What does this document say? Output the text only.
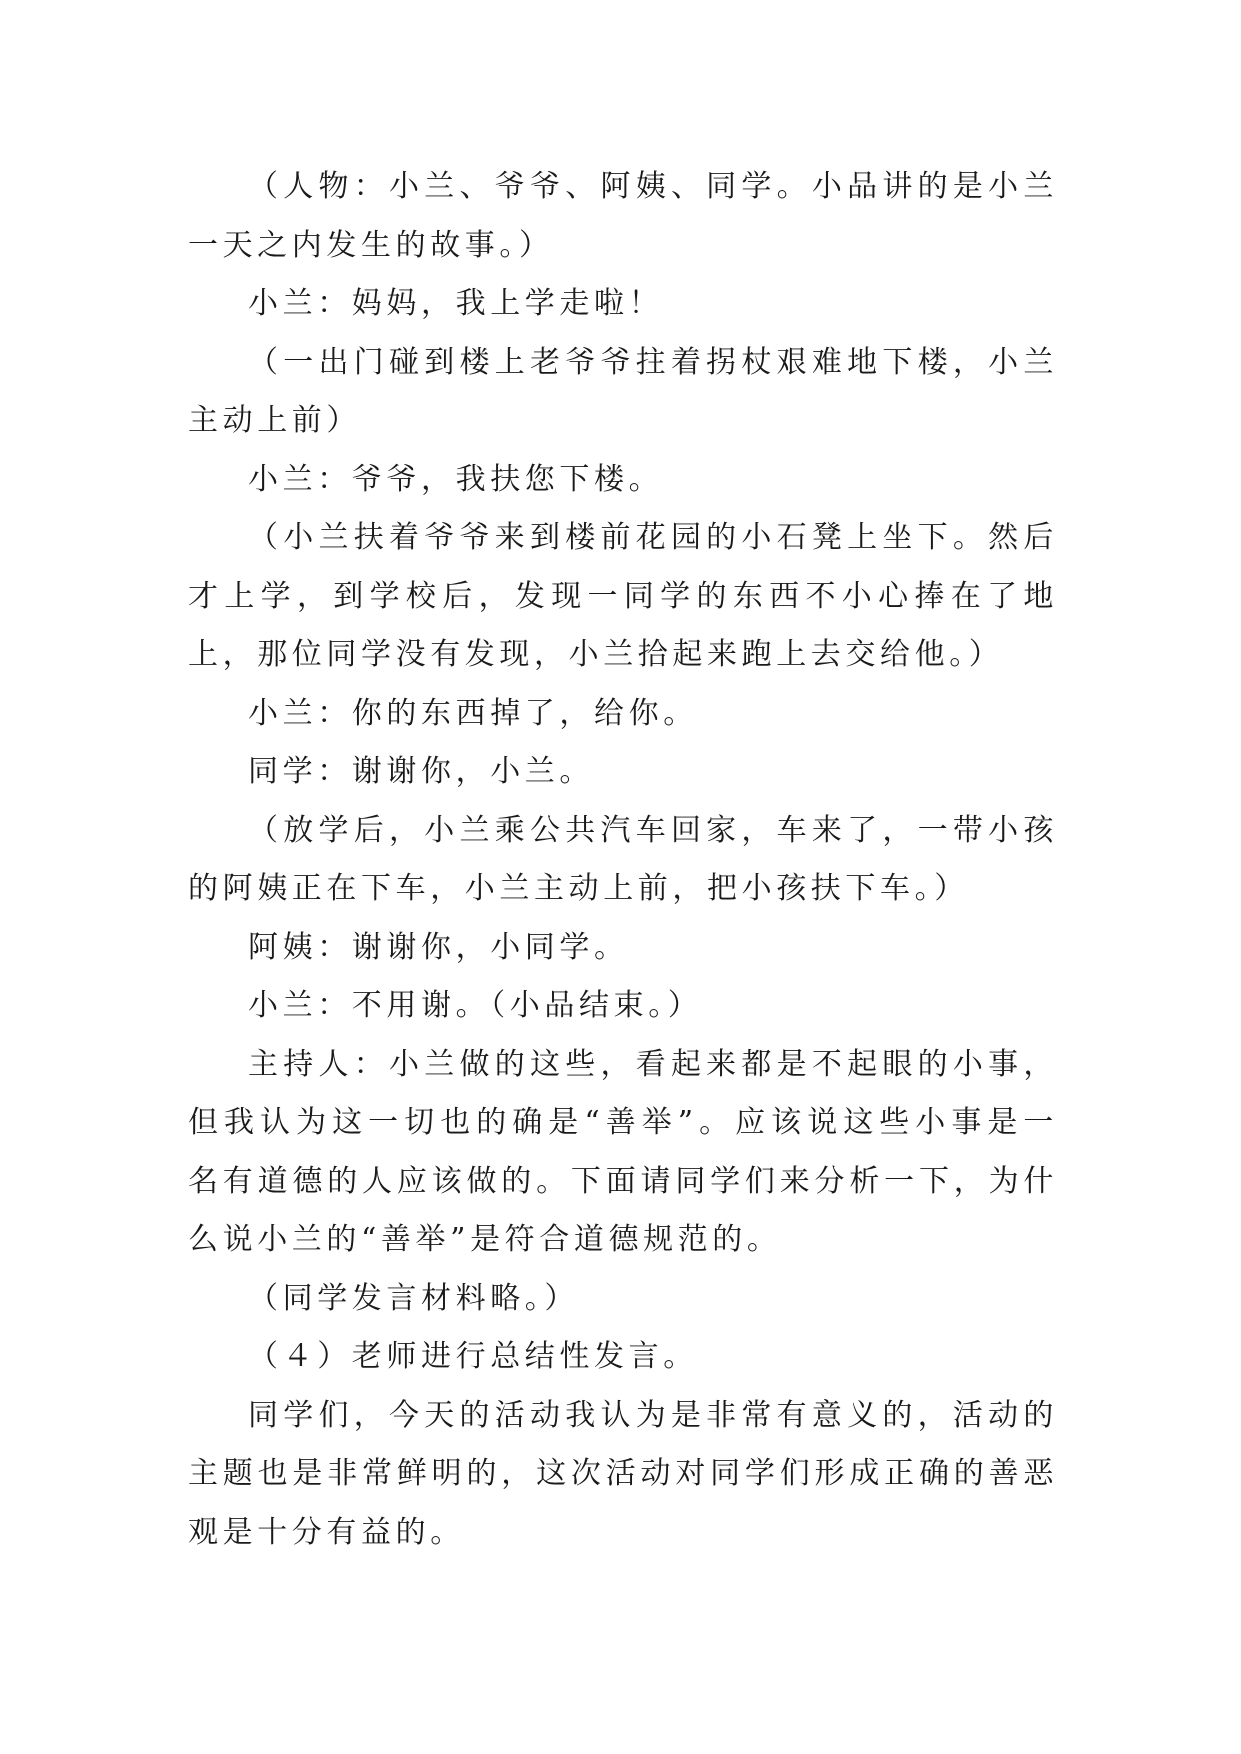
（人物：小兰、爷爷、阿姨、同学。小品讲的是小兰一天之内发生的故事。）

小兰：妈妈，我上学走啦！

（一出门碰到楼上老爷爷拄着拐杖艰难地下楼，小兰主动上前）

小兰：爷爷，我扶您下楼。

（小兰扶着爷爷来到楼前花园的小石凳上坐下。然后才上学，到学校后，发现一同学的东西不小心捧在了地上，那位同学没有发现，小兰拾起来跑上去交给他。）

小兰：你的东西掉了，给你。

同学：谢谢你，小兰。

（放学后，小兰乘公共汽车回家，车来了，一带小孩的阿姨正在下车，小兰主动上前，把小孩扶下车。）

阿姨：谢谢你，小同学。

小兰：不用谢。（小品结束。）

主持人：小兰做的这些，看起来都是不起眼的小事，但我认为这一切也的确是“善举”。应该说这些小事是一名有道德的人应该做的。下面请同学们来分析一下，为什么说小兰的“善举”是符合道德规范的。

（同学发言材料略。）

（４）老师进行总结性发言。

同学们，今天的活动我认为是非常有意义的，活动的主题也是非常鲜明的，这次活动对同学们形成正确的善恶观是十分有益的。
